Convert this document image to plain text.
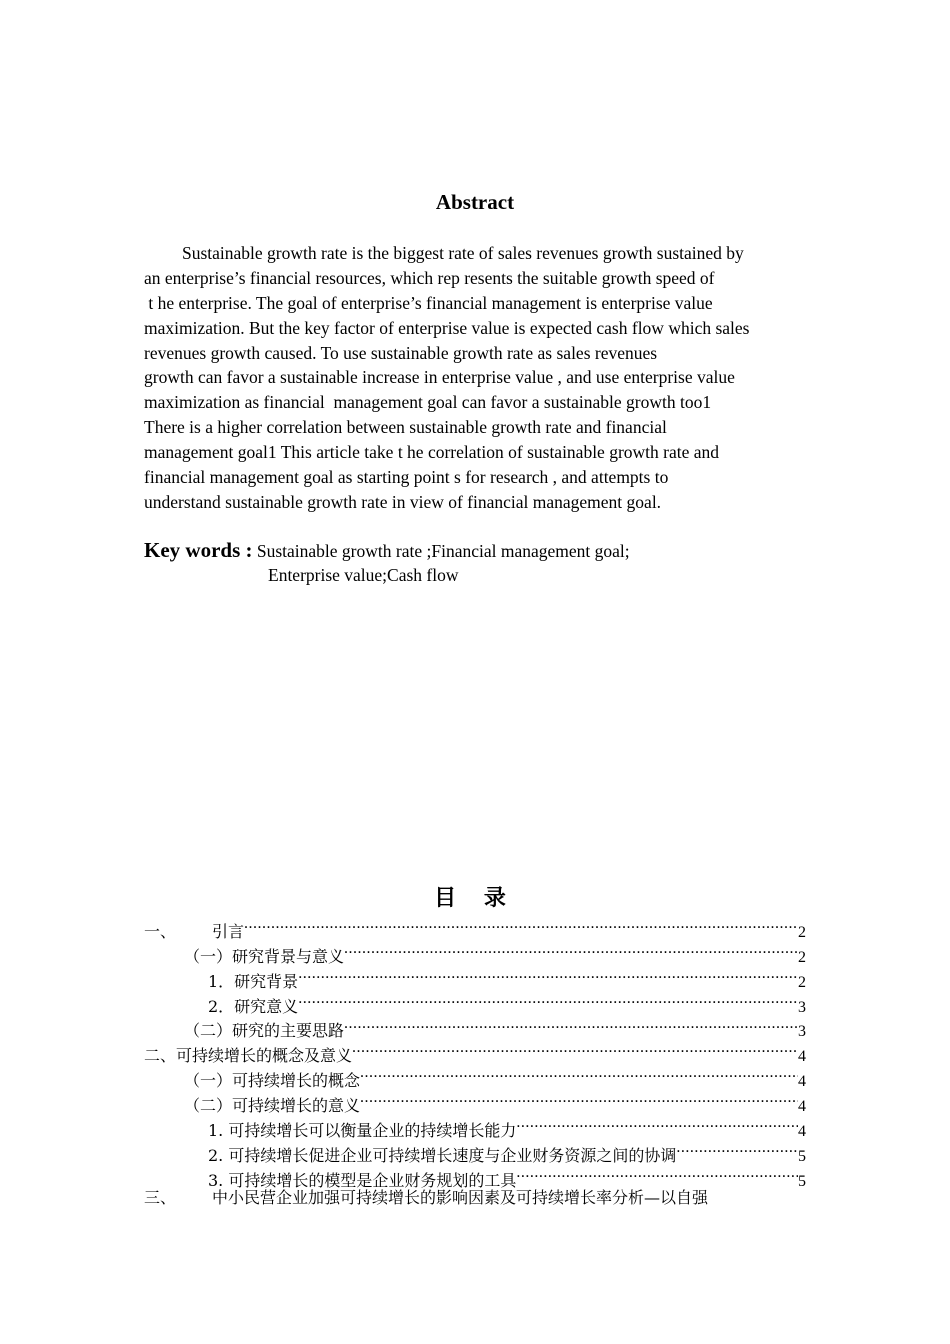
Abstract
Sustainable growth rate is the biggest rate of sales revenues growth sustained by
an enterprise’s financial resources, which rep resents the suitable growth speed of
t he enterprise. The goal of enterprise’s financial management is enterprise value
maximization. But the key factor of enterprise value is expected cash flow which sales
revenues growth caused. To use sustainable growth rate as sales revenues
growth can favor a sustainable increase in enterprise value , and use enterprise value
maximization as financial  management goal can favor a sustainable growth too1
There is a higher correlation between sustainable growth rate and financial
management goal1 This article take t he correlation of sustainable growth rate and
financial management goal as starting point s for research , and attempts to
understand sustainable growth rate in view of financial management goal.
Key words : Sustainable growth rate ;Financial management goal;
Enterprise value;Cash flow
目 录
一、	引言 .....	2
（一）研究背景与意义 .....	2
1．研究背景 .....	2
2．研究意义 .....	3
（二）研究的主要思路 .....	3
二、 可持续增长的概念及意义 .....	4
（一）可持续增长的概念 .....	4
（二）可持续增长的意义 .....	4
1. 可持续增长可以衡量企业的持续增长能力 .....	4
2. 可持续增长促进企业可持续增长速度与企业财务资源之间的协调 .....	5
3. 可持续增长的模型是企业财务规划的工具 .....	5
三、	中小民营企业加强可持续增长的影响因素及可持续增长率分析—以自强
